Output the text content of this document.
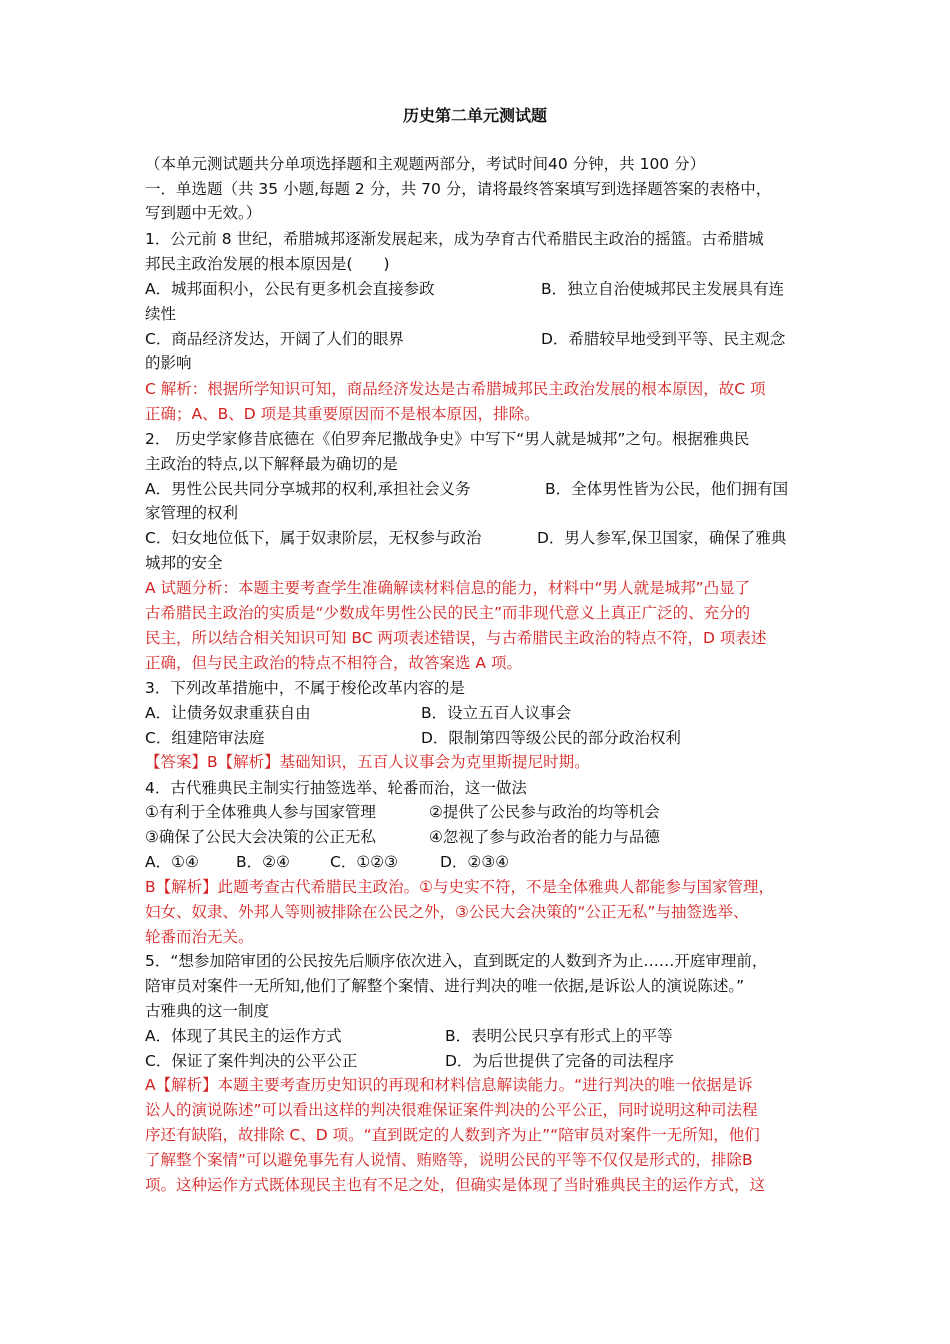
历史第二单元测试题
（本单元测试题共分单项选择题和主观题两部分，考试时间40 分钟，共 100 分）
一．单选题（共 35 小题,每题 2 分，共 70 分，请将最终答案填写到选择题答案的表格中，
写到题中无效。）
1．公元前 8 世纪，希腊城邦逐渐发展起来，成为孕育古代希腊民主政治的摇篮。古希腊城
邦民主政治发展的根本原因是(　　)
A．城邦面积小，公民有更多机会直接参政	B．独立自治使城邦民主发展具有连
续性
C．商品经济发达，开阔了人们的眼界	D．希腊较早地受到平等、民主观念
的影响
C 解析：根据所学知识可知，商品经济发达是古希腊城邦民主政治发展的根本原因，故C 项
正确；A、B、D 项是其重要原因而不是根本原因，排除。
2． 历史学家修昔底德在《伯罗奔尼撒战争史》中写下“男人就是城邦”之句。根据雅典民
主政治的特点,以下解释最为确切的是
A．男性公民共同分享城邦的权利,承担社会义务	B．全体男性皆为公民，他们拥有国
家管理的权利
C．妇女地位低下，属于奴隶阶层，无权参与政治	D．男人参军,保卫国家，确保了雅典
城邦的安全
A 试题分析：本题主要考查学生准确解读材料信息的能力，材料中“男人就是城邦”凸显了
古希腊民主政治的实质是“少数成年男性公民的民主”而非现代意义上真正广泛的、充分的
民主，所以结合相关知识可知 BC 两项表述错误，与古希腊民主政治的特点不符，D 项表述
正确，但与民主政治的特点不相符合，故答案选 A 项。
3．下列改革措施中，不属于梭伦改革内容的是
A．让债务奴隶重获自由	B．设立五百人议事会
C．组建陪审法庭	D．限制第四等级公民的部分政治权利
【答案】B【解析】基础知识，五百人议事会为克里斯提尼时期。
4．古代雅典民主制实行抽签选举、轮番而治，这一做法
①有利于全体雅典人参与国家管理	②提供了公民参与政治的均等机会
③确保了公民大会决策的公正无私	④忽视了参与政治者的能力与品德
A．①④ B．②④	C．①②③	D．②③④
B【解析】此题考查古代希腊民主政治。①与史实不符，不是全体雅典人都能参与国家管理，
妇女、奴隶、外邦人等则被排除在公民之外，③公民大会决策的“公正无私”与抽签选举、
轮番而治无关。
5．“想参加陪审团的公民按先后顺序依次进入，直到既定的人数到齐为止……开庭审理前，
陪审员对案件一无所知,他们了解整个案情、进行判决的唯一依据,是诉讼人的演说陈述。”
古雅典的这一制度
A．体现了其民主的运作方式	B．表明公民只享有形式上的平等
C．保证了案件判决的公平公正	D．为后世提供了完备的司法程序
A【解析】本题主要考查历史知识的再现和材料信息解读能力。“进行判决的唯一依据是诉
讼人的演说陈述”可以看出这样的判决很难保证案件判决的公平公正，同时说明这种司法程
序还有缺陷，故排除 C、D 项。“直到既定的人数到齐为止”“陪审员对案件一无所知，他们
了解整个案情”可以避免事先有人说情、贿赂等，说明公民的平等不仅仅是形式的，排除B
项。这种运作方式既体现民主也有不足之处，但确实是体现了当时雅典民主的运作方式，这
